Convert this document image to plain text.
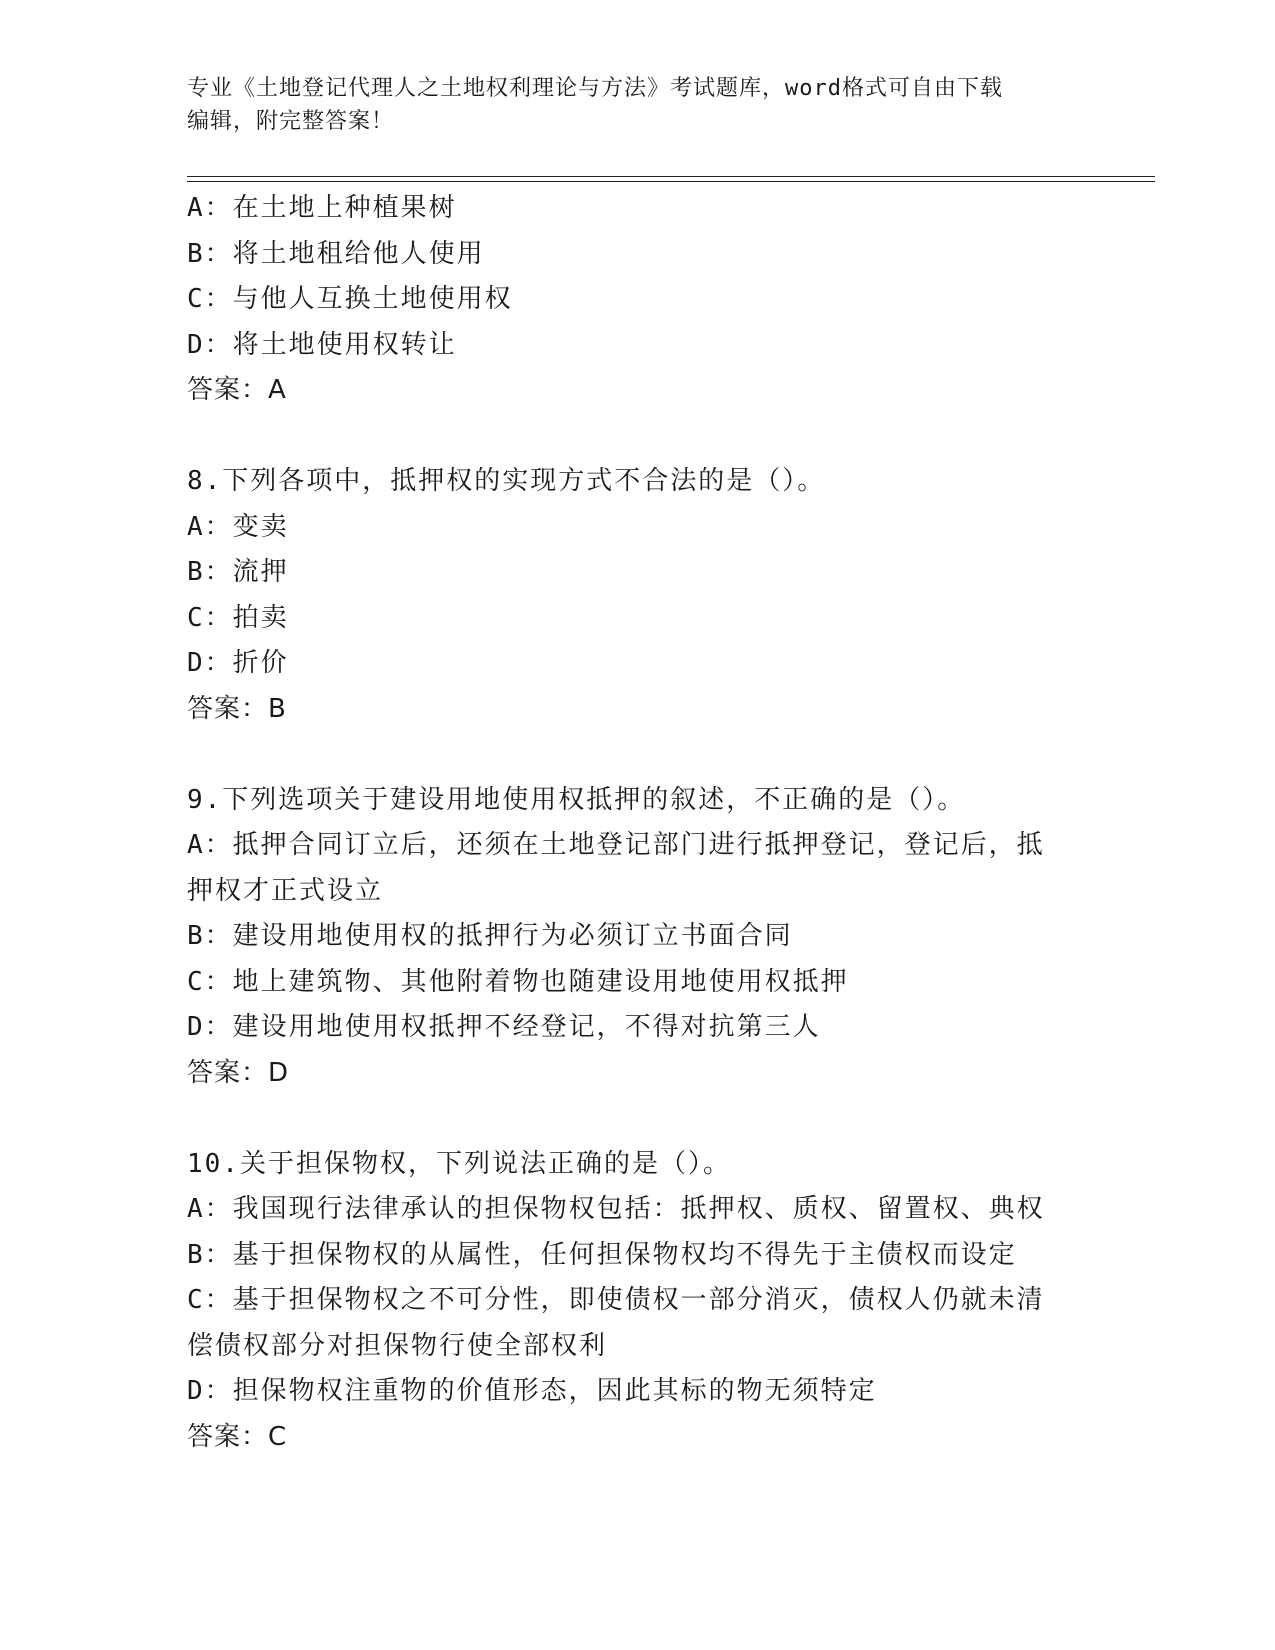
专业《土地登记代理人之土地权利理论与方法》考试题库，word格式可自由下载
编辑，附完整答案！
A：在土地上种植果树
B：将土地租给他人使用
C：与他人互换土地使用权
D：将土地使用权转让
答案：A
8.下列各项中，抵押权的实现方式不合法的是（）。
A：变卖
B：流押
C：拍卖
D：折价
答案：B
9.下列选项关于建设用地使用权抵押的叙述，不正确的是（）。
A：抵押合同订立后，还须在土地登记部门进行抵押登记，登记后，抵
押权才正式设立
B：建设用地使用权的抵押行为必须订立书面合同
C：地上建筑物、其他附着物也随建设用地使用权抵押
D：建设用地使用权抵押不经登记，不得对抗第三人
答案：D
10.关于担保物权，下列说法正确的是（）。
A：我国现行法律承认的担保物权包括：抵押权、质权、留置权、典权
B：基于担保物权的从属性，任何担保物权均不得先于主债权而设定
C：基于担保物权之不可分性，即使债权一部分消灭，债权人仍就未清
偿债权部分对担保物行使全部权利
D：担保物权注重物的价值形态，因此其标的物无须特定
答案：C
